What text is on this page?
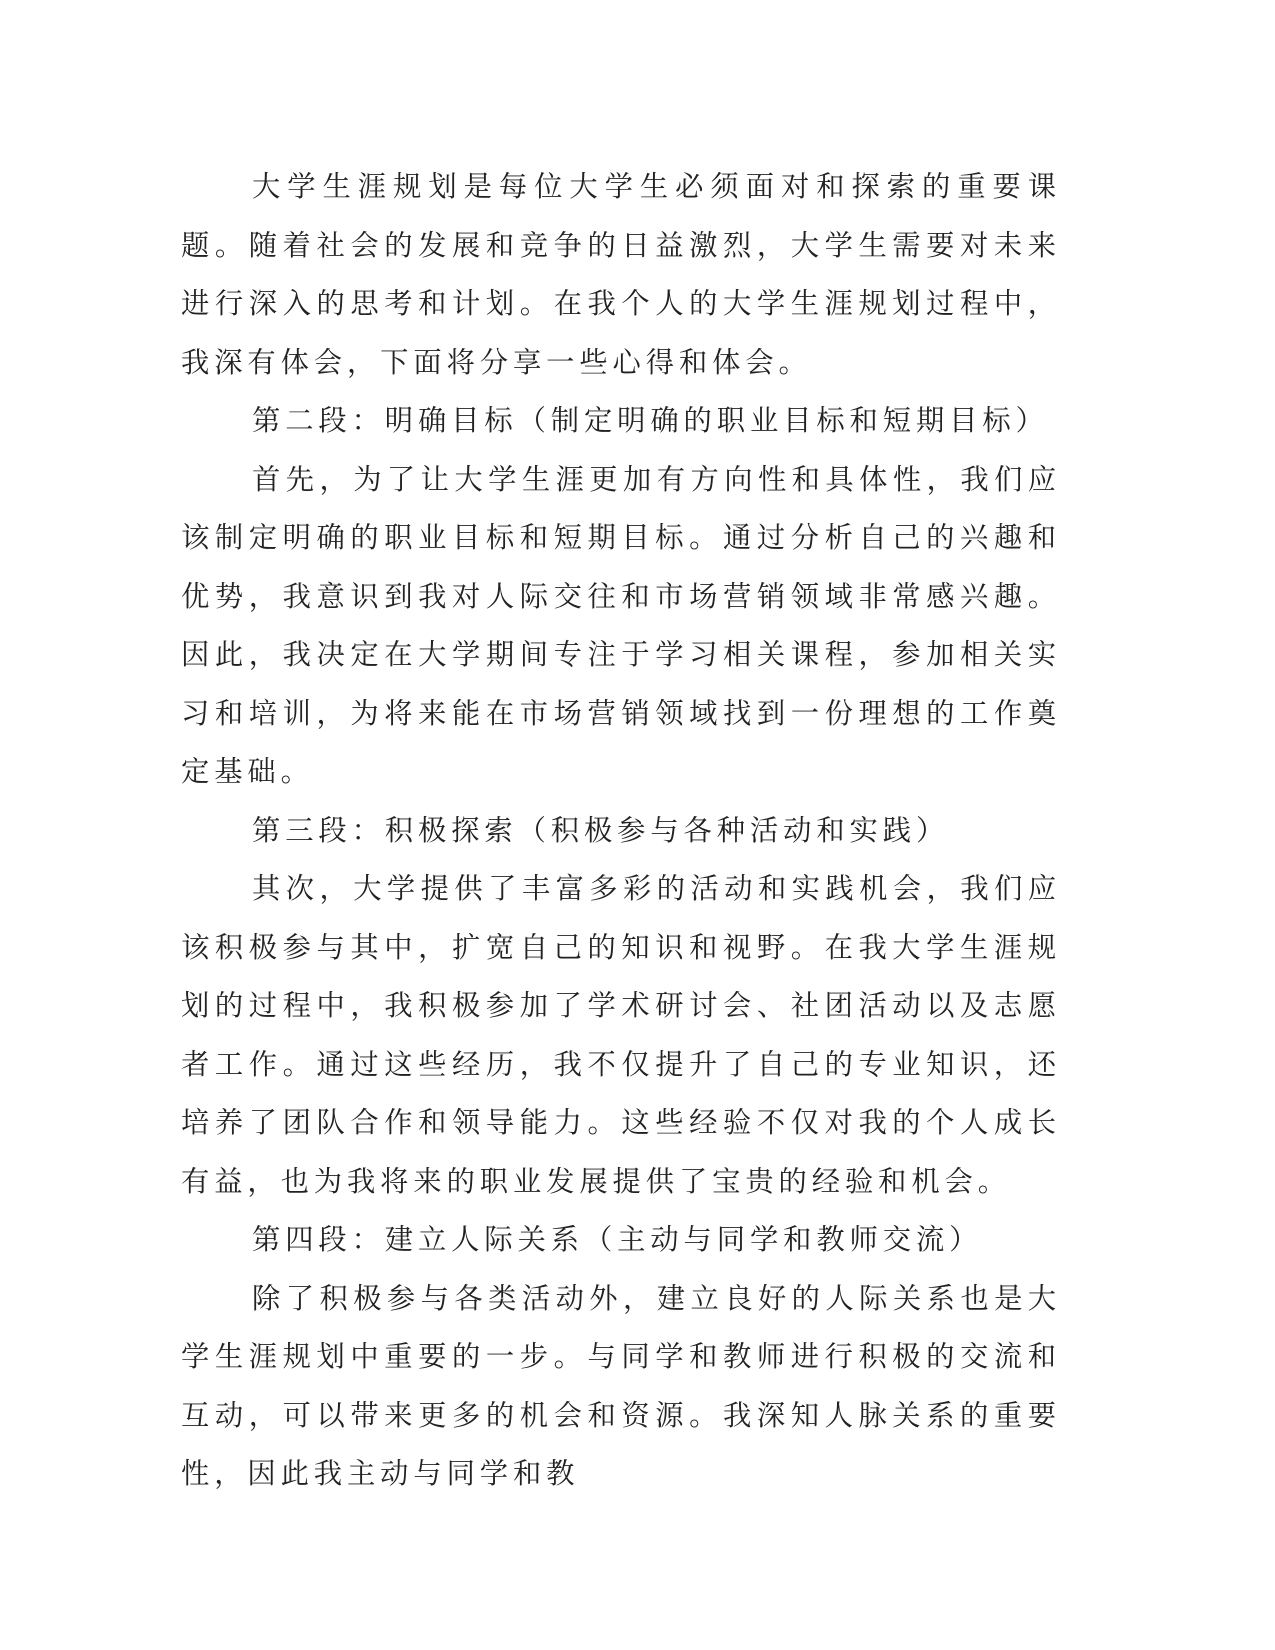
大学生涯规划是每位大学生必须面对和探索的重要课题。随着社会的发展和竞争的日益激烈，大学生需要对未来进行深入的思考和计划。在我个人的大学生涯规划过程中，我深有体会，下面将分享一些心得和体会。

第二段：明确目标（制定明确的职业目标和短期目标）

首先，为了让大学生涯更加有方向性和具体性，我们应该制定明确的职业目标和短期目标。通过分析自己的兴趣和优势，我意识到我对人际交往和市场营销领域非常感兴趣。因此，我决定在大学期间专注于学习相关课程，参加相关实习和培训，为将来能在市场营销领域找到一份理想的工作奠定基础。

第三段：积极探索（积极参与各种活动和实践）

其次，大学提供了丰富多彩的活动和实践机会，我们应该积极参与其中，扩宽自己的知识和视野。在我大学生涯规划的过程中，我积极参加了学术研讨会、社团活动以及志愿者工作。通过这些经历，我不仅提升了自己的专业知识，还培养了团队合作和领导能力。这些经验不仅对我的个人成长有益，也为我将来的职业发展提供了宝贵的经验和机会。

第四段：建立人际关系（主动与同学和教师交流）

除了积极参与各类活动外，建立良好的人际关系也是大学生涯规划中重要的一步。与同学和教师进行积极的交流和互动，可以带来更多的机会和资源。我深知人脉关系的重要性，因此我主动与同学和教
